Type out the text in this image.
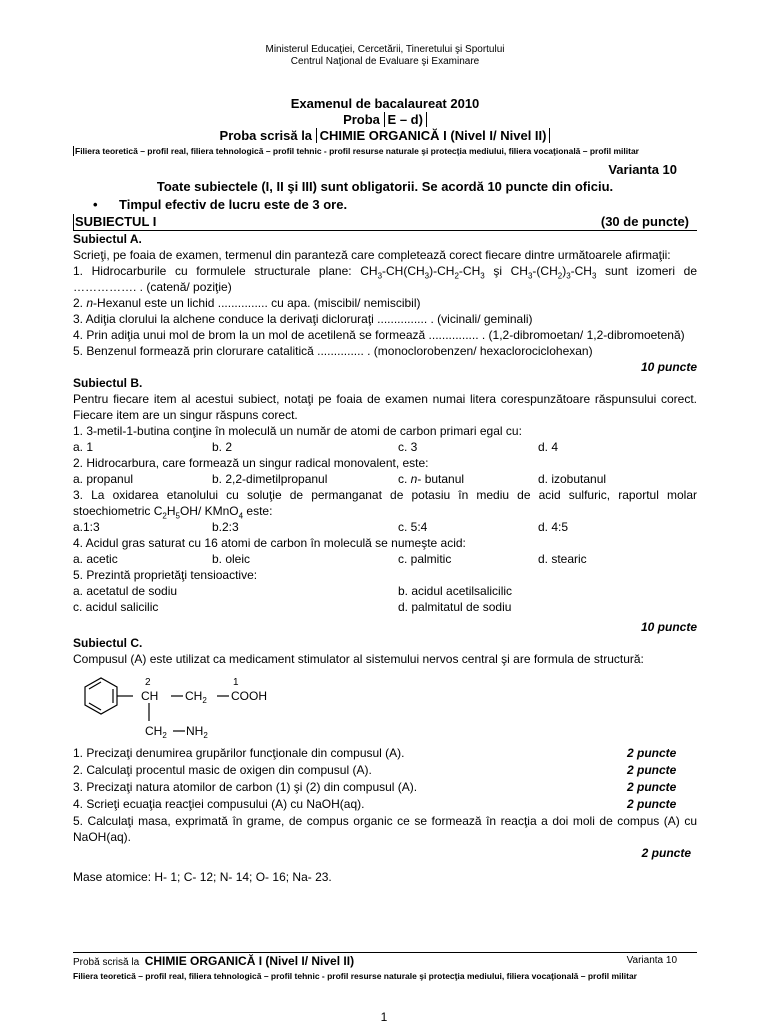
Ministerul Educaţiei, Cercetării, Tineretului şi Sportului
Centrul Naţional de Evaluare şi Examinare
Examenul de bacalaureat 2010
Proba E – d)
Proba scrisă la CHIMIE ORGANICĂ I (Nivel I/ Nivel II)
Filiera teoretică – profil real, filiera tehnologică – profil tehnic - profil resurse naturale şi protecţia mediului, filiera vocaţională – profil militar
Varianta 10
Toate subiectele (I, II şi III) sunt obligatorii. Se acordă 10 puncte din oficiu.
• Timpul efectiv de lucru este de 3 ore.
SUBIECTUL I	(30 de puncte)
Subiectul A.
Scrieţi, pe foaia de examen, termenul din paranteză care completează corect fiecare dintre următoarele afirmaţii:
1. Hidrocarburile cu formulele structurale plane: $CH_3-CH(CH_3)-CH_2-CH_3$ şi $CH_3-(CH_2)_3-CH_3$ sunt izomeri de ……………. . (catenă/ poziţie)
2. n-Hexanul este un lichid ............... cu apa. (miscibil/ nemiscibil)
3. Adiţia clorului la alchene conduce la derivaţi dicloruraţi ............... . (vicinali/ geminali)
4. Prin adiţia unui mol de brom la un mol de acetilenă se formează ............... . (1,2-dibromoetan/ 1,2-dibromoetenă)
5. Benzenul formează prin clorurare catalitică .............. . (monoclorobenzen/ hexaclorociclohexan)
10 puncte
Subiectul B.
Pentru fiecare item al acestui subiect, notaţi pe foaia de examen numai litera corespunzătoare răspunsului corect. Fiecare item are un singur răspuns corect.
1. 3-metil-1-butina conţine în moleculă un număr de atomi de carbon primari egal cu:
a. 1	b. 2	c. 3	d. 4
2. Hidrocarbura, care formează un singur radical monovalent, este:
a. propanul	b. 2,2-dimetilpropanul	c. n- butanul	d. izobutanul
3. La oxidarea etanolului cu soluţie de permanganat de potasiu în mediu de acid sulfuric, raportul molar stoechiometric $C_2H_5OH/$ KMnO$_4$ este:
a.1:3	b.2:3	c. 5:4	d. 4:5
4. Acidul gras saturat cu 16 atomi de carbon în moleculă se numeşte acid:
a. acetic	b. oleic	c. palmitic	d. stearic
5. Prezintă proprietăţi tensioactive:
a. acetatul de sodiu	b. acidul acetilsalicilic
c. acidul salicilic	d. palmitatul de sodiu
10 puncte
Subiectul C.
Compusul (A) este utilizat ca medicament stimulator al sistemului nervos central şi are formula de structură:
2
CH $CH_2$
1
COOH
$CH_2$ $NH_2$
1. Precizaţi denumirea grupărilor funcţionale din compusul (A).	2 puncte
2. Calculaţi procentul masic de oxigen din compusul (A).	2 puncte
3. Precizaţi natura atomilor de carbon (1) şi (2) din compusul (A).	2 puncte
4. Scrieţi ecuaţia reacţiei compusului (A) cu NaOH(aq).	2 puncte
5. Calculaţi masa, exprimată în grame, de compus organic ce se formează în reacţia a doi moli de compus (A) cu NaOH(aq).
2 puncte
Mase atomice: H- 1; C- 12; N- 14; O- 16; Na- 23.
Probă scrisă la CHIMIE ORGANICĂ I (Nivel I/ Nivel II)	Varianta 10
Filiera teoretică – profil real, filiera tehnologică – profil tehnic - profil resurse naturale şi protecţia mediului, filiera vocaţională – profil militar
1
